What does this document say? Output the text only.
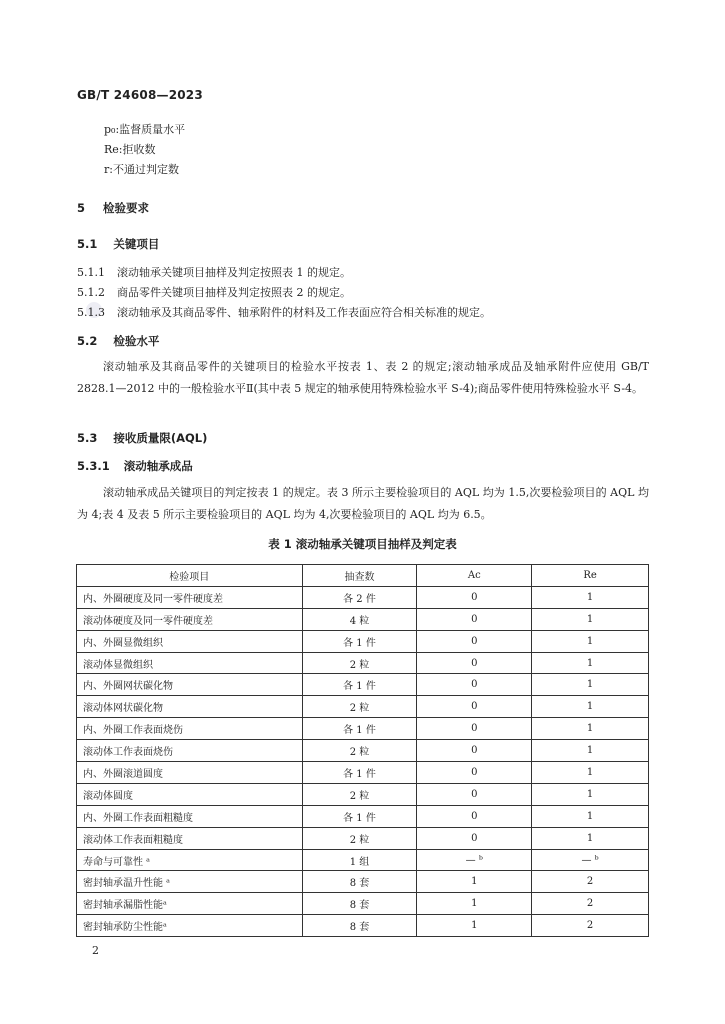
GB/T 24608—2023
p₀:监督质量水平
Re:拒收数
r:不通过判定数
5 检验要求
5.1 关键项目
5.1.1 滚动轴承关键项目抽样及判定按照表 1 的规定。
5.1.2 商品零件关键项目抽样及判定按照表 2 的规定。
5.1.3 滚动轴承及其商品零件、轴承附件的材料及工作表面应符合相关标准的规定。
5.2 检验水平
滚动轴承及其商品零件的关键项目的检验水平按表 1、表 2 的规定;滚动轴承成品及轴承附件应使用 GB/T 2828.1—2012 中的一般检验水平Ⅱ(其中表 5 规定的轴承使用特殊检验水平 S-4);商品零件使用特殊检验水平 S-4。
5.3 接收质量限(AQL)
5.3.1 滚动轴承成品
滚动轴承成品关键项目的判定按表 1 的规定。表 3 所示主要检验项目的 AQL 均为 1.5,次要检验项目的 AQL 均为 4;表 4 及表 5 所示主要检验项目的 AQL 均为 4,次要检验项目的 AQL 均为 6.5。
表 1 滚动轴承关键项目抽样及判定表
检验项目	抽查数	Ac	Re
内、外圈硬度及同一零件硬度差	各 2 件	0	1
滚动体硬度及同一零件硬度差	4 粒	0	1
内、外圈显微组织	各 1 件	0	1
滚动体显微组织	2 粒	0	1
内、外圈网状碳化物	各 1 件	0	1
滚动体网状碳化物	2 粒	0	1
内、外圈工作表面烧伤	各 1 件	0	1
滚动体工作表面烧伤	2 粒	0	1
内、外圈滚道圆度	各 1 件	0	1
滚动体圆度	2 粒	0	1
内、外圈工作表面粗糙度	各 1 件	0	1
滚动体工作表面粗糙度	2 粒	0	1
寿命与可靠性 ᵃ	1 组	— ᵇ	— ᵇ
密封轴承温升性能 ᵃ	8 套	1	2
密封轴承漏脂性能ᵃ	8 套	1	2
密封轴承防尘性能ᵃ	8 套	1	2
2
